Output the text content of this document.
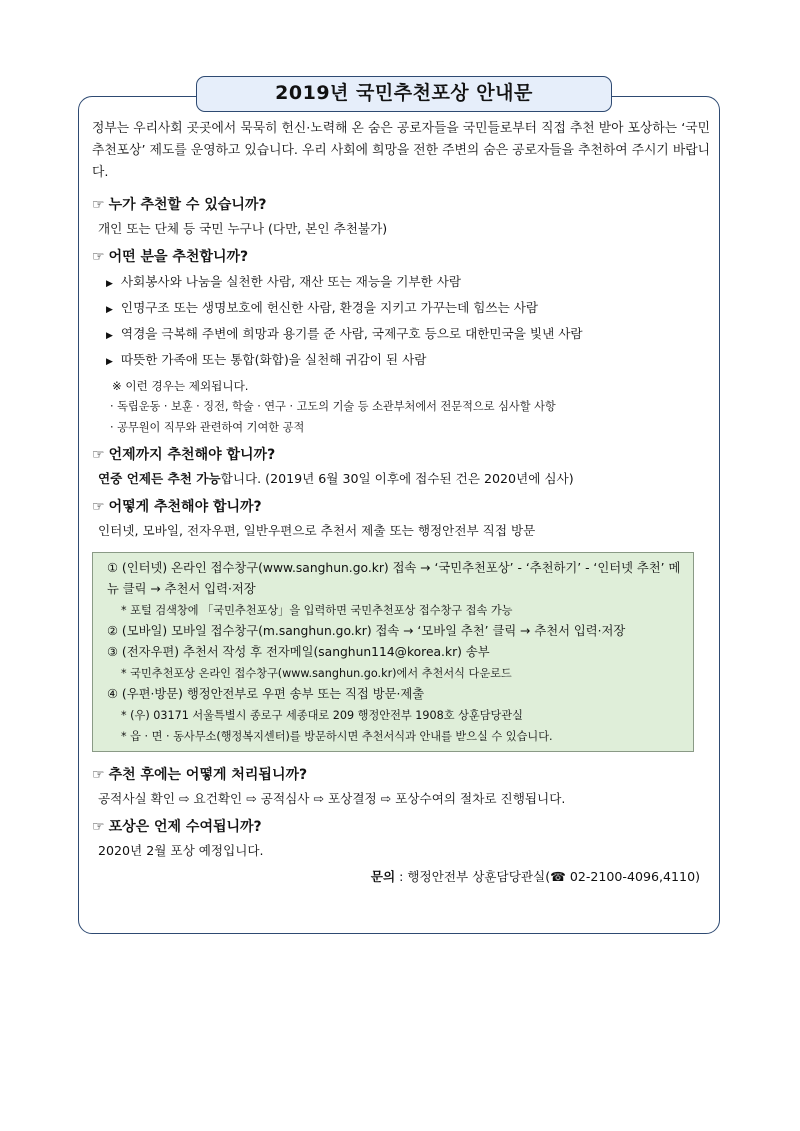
2019년 국민추천포상 안내문

정부는 우리사회 곳곳에서 묵묵히 헌신·노력해 온 숨은 공로자들을 국민들로부터 직접 추천 받아 포상하는 ‘국민추천포상’ 제도를 운영하고 있습니다. 우리 사회에 희망을 전한 주변의 숨은 공로자들을 추천하여 주시기 바랍니다.

☞ 누가 추천할 수 있습니까?
개인 또는 단체 등 국민 누구나 (다만, 본인 추천불가)
☞ 어떤 분을 추천합니까?
▶ 사회봉사와 나눔을 실천한 사람, 재산 또는 재능을 기부한 사람
▶ 인명구조 또는 생명보호에 헌신한 사람, 환경을 지키고 가꾸는데 힘쓰는 사람
▶ 역경을 극복해 주변에 희망과 용기를 준 사람, 국제구호 등으로 대한민국을 빛낸 사람
▶ 따뜻한 가족애 또는 통합(화합)을 실천해 귀감이 된 사람
※ 이런 경우는 제외됩니다.
· 독립운동 · 보훈 · 징전, 학술 · 연구 · 고도의 기술 등 소관부처에서 전문적으로 심사할 사항
· 공무원이 직무와 관련하여 기여한 공적
☞ 언제까지 추천해야 합니까?
연중 언제든 추천 가능합니다. (2019년 6월 30일 이후에 접수된 건은 2020년에 심사)
☞ 어떻게 추천해야 합니까?
인터넷, 모바일, 전자우편, 일반우편으로 추천서 제출 또는 행정안전부 직접 방문
① (인터넷) 온라인 접수창구(www.sanghun.go.kr) 접속 → ‘국민추천포상’ - ‘추천하기’ - ‘인터넷 추천’ 메뉴 클릭 → 추천서 입력·저장
* 포털 검색창에 「국민추천포상」을 입력하면 국민추천포상 접수창구 접속 가능
② (모바일) 모바일 접수창구(m.sanghun.go.kr) 접속 → ‘모바일 추천’ 클릭 → 추천서 입력·저장
③ (전자우편) 추천서 작성 후 전자메일(sanghun114@korea.kr) 송부
* 국민추천포상 온라인 접수창구(www.sanghun.go.kr)에서 추천서식 다운로드
④ (우편·방문) 행정안전부로 우편 송부 또는 직접 방문·제출
* (우) 03171 서울특별시 종로구 세종대로 209 행정안전부 1908호 상훈담당관실
* 읍 · 면 · 동사무소(행정복지센터)를 방문하시면 추천서식과 안내를 받으실 수 있습니다.
☞ 추천 후에는 어떻게 처리됩니까?
공적사실 확인 ⇨ 요건확인 ⇨ 공적심사 ⇨ 포상결정 ⇨ 포상수여의 절차로 진행됩니다.
☞ 포상은 언제 수여됩니까?
2020년 2월 포상 예정입니다.
문의 : 행정안전부 상훈담당관실(☎ 02-2100-4096,4110)
